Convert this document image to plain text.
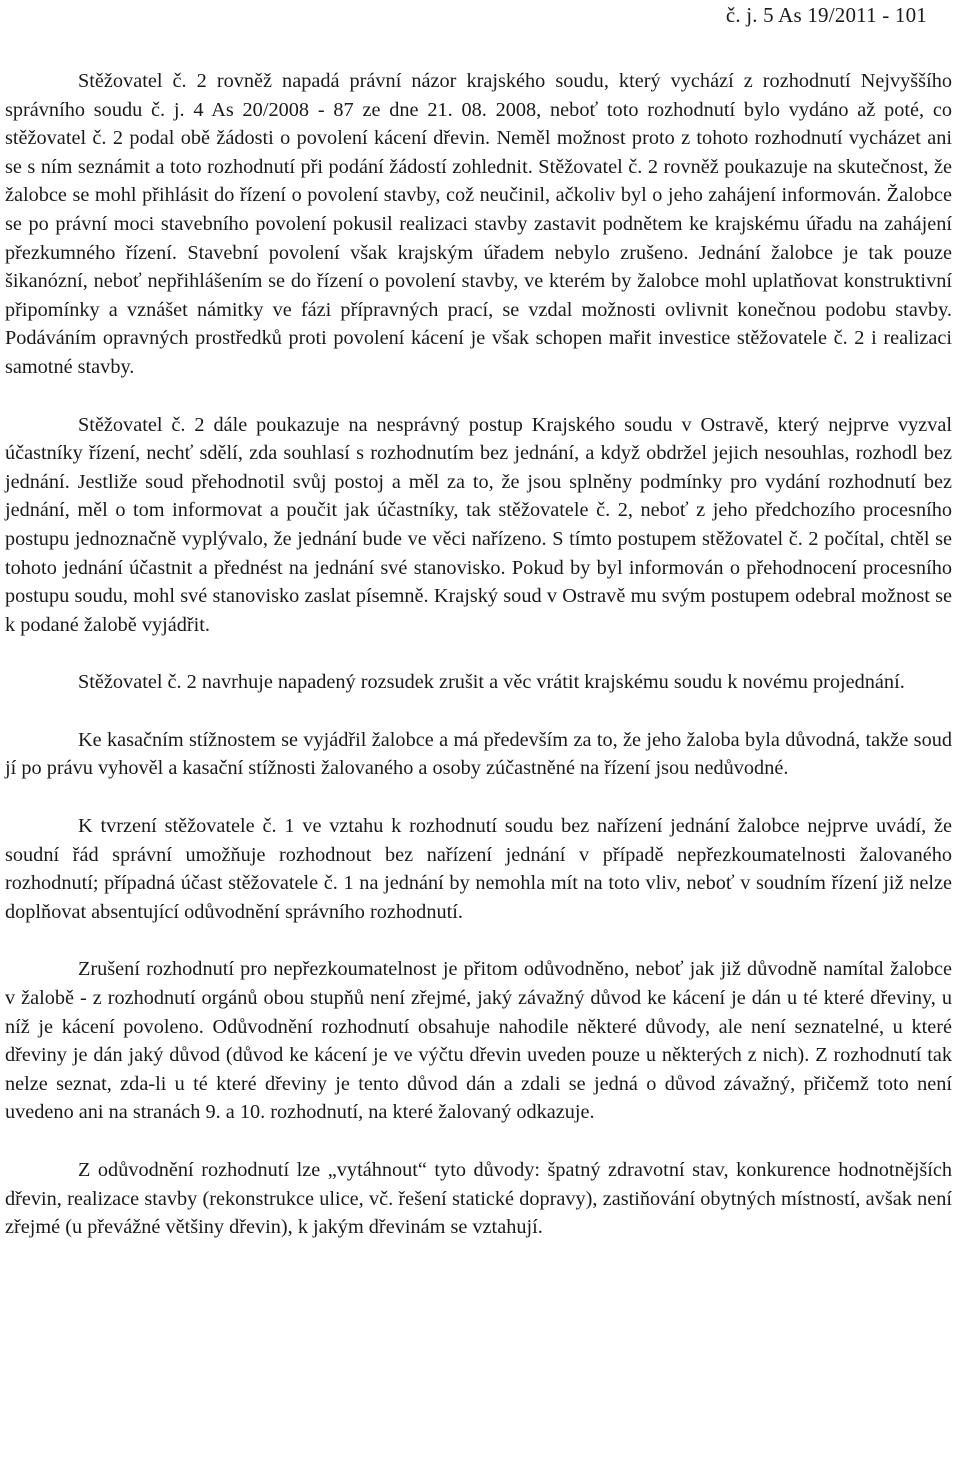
č. j. 5 As 19/2011 - 101

Stěžovatel č. 2 rovněž napadá právní názor krajského soudu, který vychází z rozhodnutí Nejvyššího správního soudu č. j. 4 As 20/2008 - 87 ze dne 21. 08. 2008, neboť toto rozhodnutí bylo vydáno až poté, co stěžovatel č. 2 podal obě žádosti o povolení kácení dřevin. Neměl možnost proto z tohoto rozhodnutí vycházet ani se s ním seznámit a toto rozhodnutí při podání žádostí zohlednit. Stěžovatel č. 2 rovněž poukazuje na skutečnost, že žalobce se mohl přihlásit do řízení o povolení stavby, což neučinil, ačkoliv byl o jeho zahájení informován. Žalobce se po právní moci stavebního povolení pokusil realizaci stavby zastavit podnětem ke krajskému úřadu na zahájení přezkumného řízení. Stavební povolení však krajským úřadem nebylo zrušeno. Jednání žalobce je tak pouze šikanózní, neboť nepřihlášením se do řízení o povolení stavby, ve kterém by žalobce mohl uplatňovat konstruktivní připomínky a vznášet námitky ve fázi přípravných prací, se vzdal možnosti ovlivnit konečnou podobu stavby. Podáváním opravných prostředků proti povolení kácení je však schopen mařit investice stěžovatele č. 2 i realizaci samotné stavby.

Stěžovatel č. 2 dále poukazuje na nesprávný postup Krajského soudu v Ostravě, který nejprve vyzval účastníky řízení, nechť sdělí, zda souhlasí s rozhodnutím bez jednání, a když obdržel jejich nesouhlas, rozhodl bez jednání. Jestliže soud přehodnotil svůj postoj a měl za to, že jsou splněny podmínky pro vydání rozhodnutí bez jednání, měl o tom informovat a poučit jak účastníky, tak stěžovatele č. 2, neboť z jeho předchozího procesního postupu jednoznačně vyplývalo, že jednání bude ve věci nařízeno. S tímto postupem stěžovatel č. 2 počítal, chtěl se tohoto jednání účastnit a přednést na jednání své stanovisko. Pokud by byl informován o přehodnocení procesního postupu soudu, mohl své stanovisko zaslat písemně. Krajský soud v Ostravě mu svým postupem odebral možnost se k podané žalobě vyjádřit.

Stěžovatel č. 2 navrhuje napadený rozsudek zrušit a věc vrátit krajskému soudu k novému projednání.

Ke kasačním stížnostem se vyjádřil žalobce a má především za to, že jeho žaloba byla důvodná, takže soud jí po právu vyhověl a kasační stížnosti žalovaného a osoby zúčastněné na řízení jsou nedůvodné.

K tvrzení stěžovatele č. 1 ve vztahu k rozhodnutí soudu bez nařízení jednání žalobce nejprve uvádí, že soudní řád správní umožňuje rozhodnout bez nařízení jednání v případě nepřezkoumatelnosti žalovaného rozhodnutí; případná účast stěžovatele č. 1 na jednání by nemohla mít na toto vliv, neboť v soudním řízení již nelze doplňovat absentující odůvodnění správního rozhodnutí.

Zrušení rozhodnutí pro nepřezkoumatelnost je přitom odůvodněno, neboť jak již důvodně namítal žalobce v žalobě - z rozhodnutí orgánů obou stupňů není zřejmé, jaký závažný důvod ke kácení je dán u té které dřeviny, u níž je kácení povoleno. Odůvodnění rozhodnutí obsahuje nahodile některé důvody, ale není seznatelné, u které dřeviny je dán jaký důvod (důvod ke kácení je ve výčtu dřevin uveden pouze u některých z nich). Z rozhodnutí tak nelze seznat, zda-li u té které dřeviny je tento důvod dán a zdali se jedná o důvod závažný, přičemž toto není uvedeno ani na stranách 9. a 10. rozhodnutí, na které žalovaný odkazuje.

Z odůvodnění rozhodnutí lze „vytáhnout“ tyto důvody: špatný zdravotní stav, konkurence hodnotnějších dřevin, realizace stavby (rekonstrukce ulice, vč. řešení statické dopravy), zastiňování obytných místností, avšak není zřejmé (u převážné většiny dřevin), k jakým dřevinám se vztahují.
